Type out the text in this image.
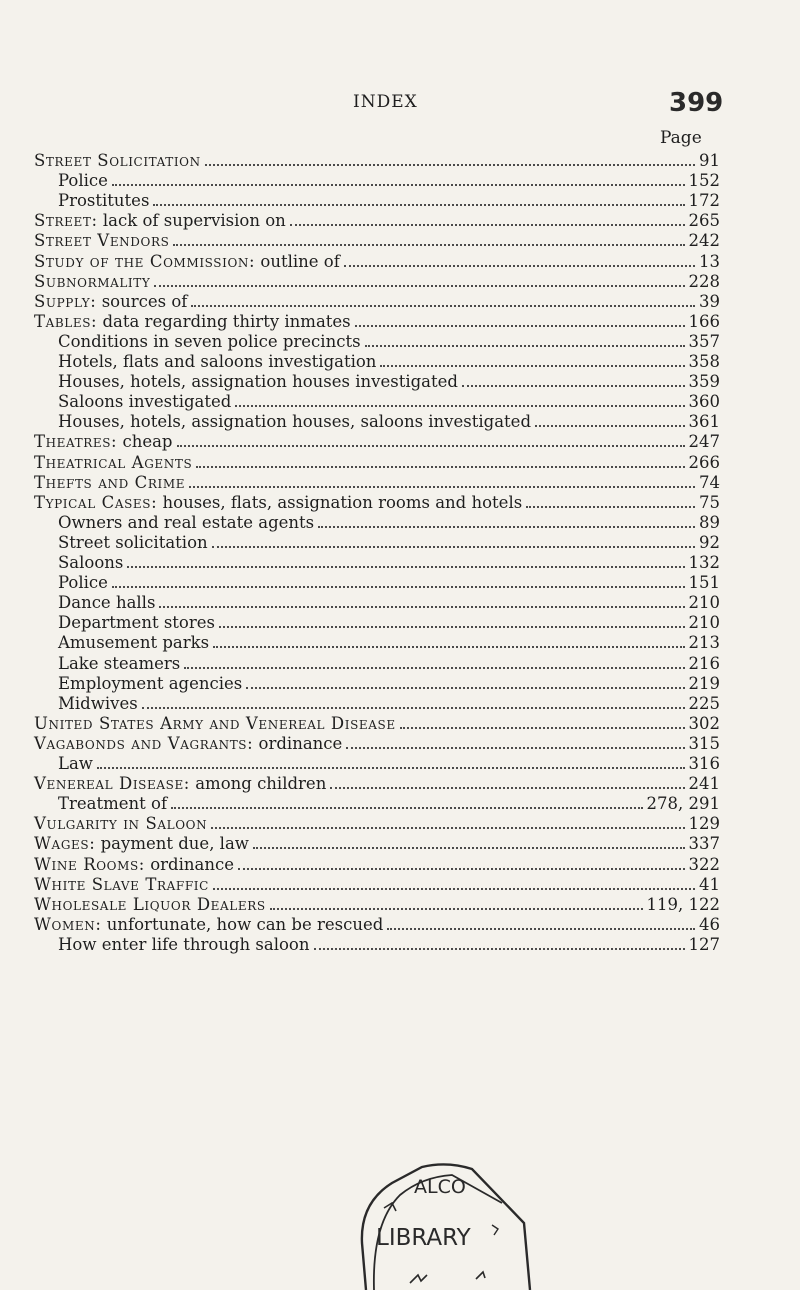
INDEX	399
Page
Street Solicitation	91
Police	152
Prostitutes	172
Street: lack of supervision on	265
Street Vendors	242
Study of the Commission: outline of	13
Subnormality	228
Supply: sources of	39
Tables: data regarding thirty inmates	166
Conditions in seven police precincts	357
Hotels, flats and saloons investigation	358
Houses, hotels, assignation houses investigated	359
Saloons investigated	360
Houses, hotels, assignation houses, saloons investigated	361
Theatres: cheap	247
Theatrical Agents	266
Thefts and Crime	74
Typical Cases: houses, flats, assignation rooms and hotels	75
Owners and real estate agents	89
Street solicitation	92
Saloons	132
Police	151
Dance halls	210
Department stores	210
Amusement parks	213
Lake steamers	216
Employment agencies	219
Midwives	225
United States Army and Venereal Disease	302
Vagabonds and Vagrants: ordinance	315
Law	316
Venereal Disease: among children	241
Treatment of	278, 291
Vulgarity in Saloon	129
Wages: payment due, law	337
Wine Rooms: ordinance	322
White Slave Traffic	41
Wholesale Liquor Dealers	119, 122
Women: unfortunate, how can be rescued	46
How enter life through saloon	127
ALCO
LIBRARY
